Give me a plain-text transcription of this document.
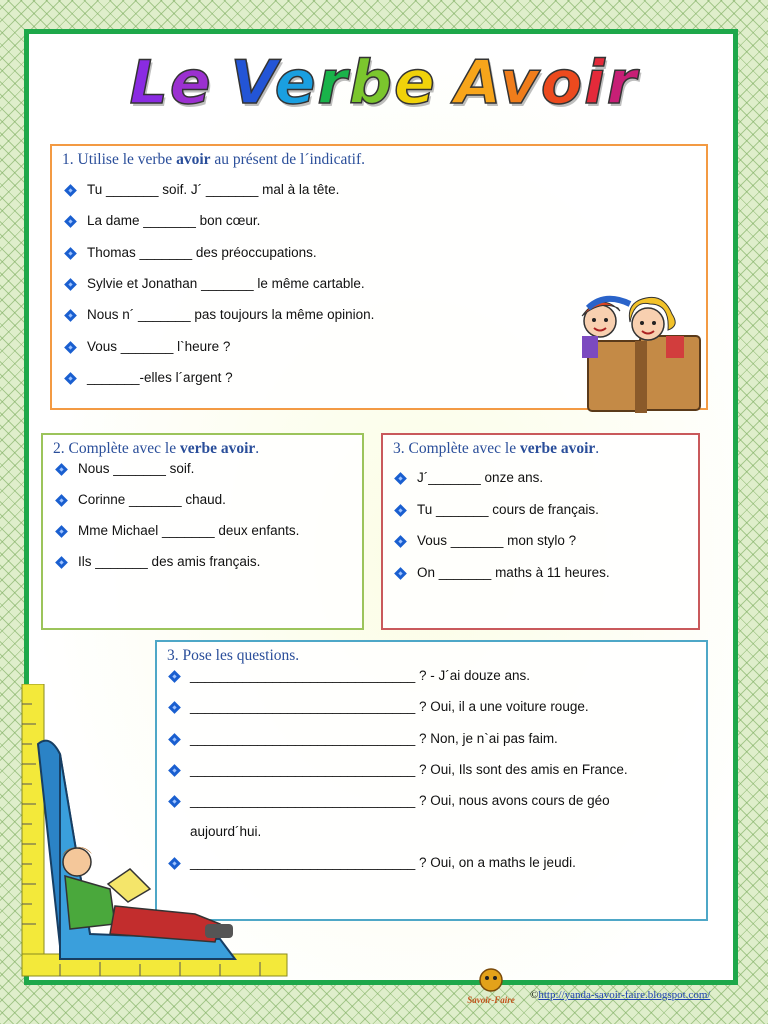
Le Verbe Avoir
1. Utilise le verbe avoir au présent de l´indicatif.
Tu _______ soif. J´ _______ mal à la tête.
La dame _______ bon cœur.
Thomas _______ des préoccupations.
Sylvie et Jonathan _______ le même cartable.
Nous n´ _______ pas toujours la même opinion.
Vous _______ l`heure ?
_______-elles l´argent ?
2. Complète avec le verbe avoir.
Nous _______ soif.
Corinne _______ chaud.
Mme Michael _______ deux enfants.
Ils _______ des amis français.
3. Complète avec le verbe avoir.
J´_______ onze ans.
Tu _______ cours de français.
Vous _______ mon stylo ?
On _______ maths à 11 heures.
3. Pose les questions.
______________________________ ? - J´ai douze ans.
______________________________ ? Oui, il a une voiture rouge.
______________________________ ? Non, je n`ai pas faim.
______________________________ ? Oui, Ils sont des amis en France.
______________________________ ? Oui, nous avons cours de géo
______________________________ ? Oui, on a maths le jeudi.
aujourd´hui.
Savoir-Faire ©http://yanda-savoir-faire.blogspot.com/
